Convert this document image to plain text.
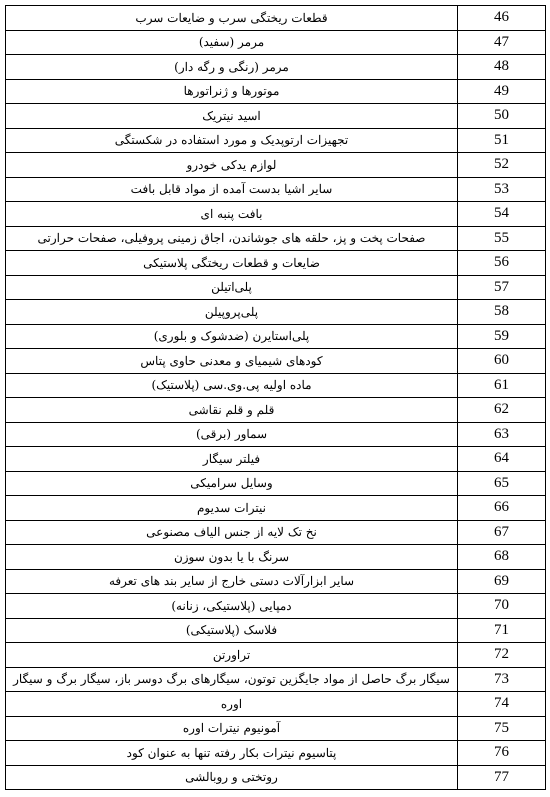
قطعات ریختگی سرب و ضایعات سرب	46
مرمر (سفید)	47
مرمر (رنگی و رگه دار)	48
موتورها و ژنراتورها	49
اسید نیتریک	50
تجهیزات ارتوپدیک و مورد استفاده در شکستگی	51
لوازم یدکی خودرو	52
سایر اشیا بدست آمده از مواد قابل بافت	53
بافت پنبه ای	54
صفحات پخت و پز، حلقه های جوشاندن، اجاق زمینی پروفیلی، صفحات حرارتی	55
ضایعات و قطعات ریختگی پلاستیکی	56
پلی‌اتیلن	57
پلی‌پروپیلن	58
پلی‌استایرن (ضدشوک و بلوری)	59
کودهای شیمیای و معدنی حاوی پتاس	60
ماده اولیه پی.وی.سی (پلاستیک)	61
قلم و قلم نقاشی	62
سماور (برقی)	63
فیلتر سیگار	64
وسایل سرامیکی	65
نیترات سدیوم	66
نخ تک لایه از جنس الیاف مصنوعی	67
سرنگ با یا بدون سوزن	68
سایر ابزارآلات دستی خارج از سایر بند های تعرفه	69
دمپایی (پلاستیکی، زنانه)	70
فلاسک (پلاستیکی)	71
تراورتن	72
سیگار برگ حاصل از مواد جایگزین توتون، سیگارهای برگ دوسر باز، سیگار برگ و سیگار	73
اوره	74
آمونیوم نیترات اوره	75
پتاسیوم نیترات بکار رفته تنها به عنوان کود	76
روتختی و روبالشی	77
